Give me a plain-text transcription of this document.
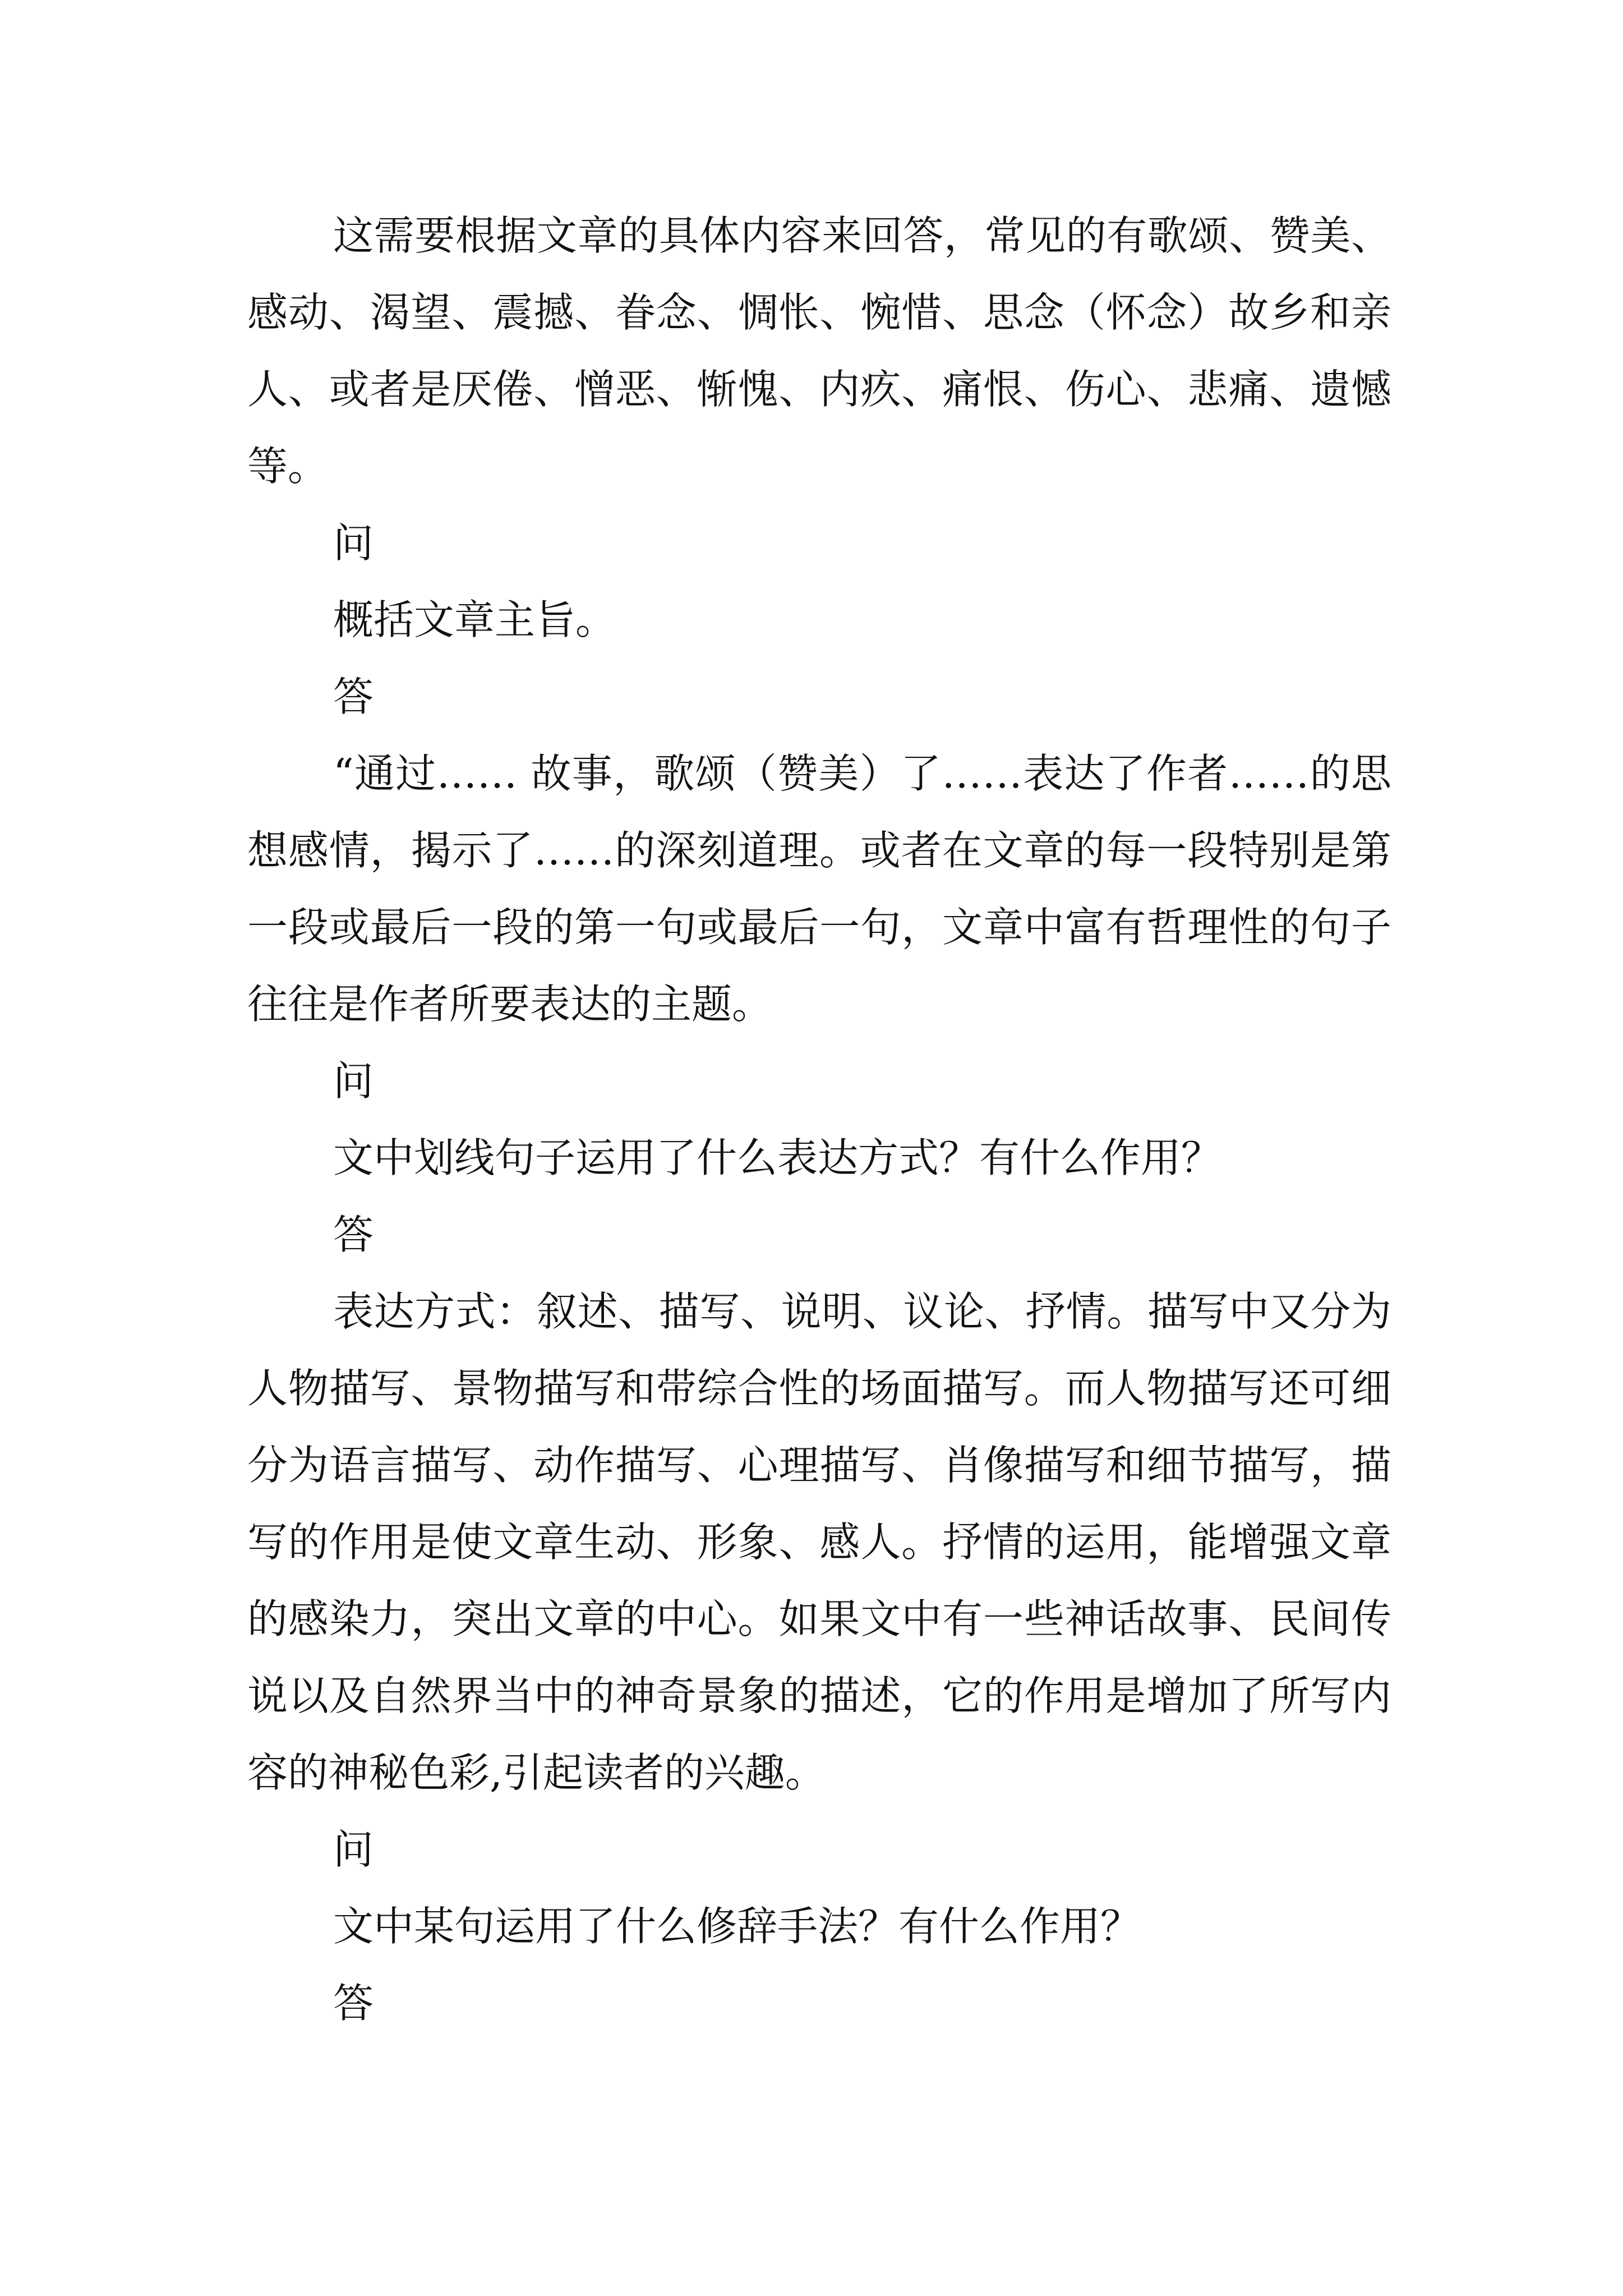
这需要根据文章的具体内容来回答，常见的有歌颂、赞美、感动、渴望、震撼、眷念、惆怅、惋惜、思念（怀念）故乡和亲人、或者是厌倦、憎恶、惭愧、内疚、痛恨、伤心、悲痛、遗憾等。

问

概括文章主旨。

答

“通过…… 故事，歌颂（赞美）了……表达了作者……的思想感情，揭示了……的深刻道理。或者在文章的每一段特别是第一段或最后一段的第一句或最后一句，文章中富有哲理性的句子往往是作者所要表达的主题。

问

文中划线句子运用了什么表达方式？有什么作用？

答

表达方式：叙述、描写、说明、议论、抒情。描写中又分为人物描写、景物描写和带综合性的场面描写。而人物描写还可细分为语言描写、动作描写、心理描写、肖像描写和细节描写，描写的作用是使文章生动、形象、感人。抒情的运用，能增强文章的感染力，突出文章的中心。如果文中有一些神话故事、民间传说以及自然界当中的神奇景象的描述，它的作用是增加了所写内容的神秘色彩,引起读者的兴趣。

问

文中某句运用了什么修辞手法？有什么作用？

答
